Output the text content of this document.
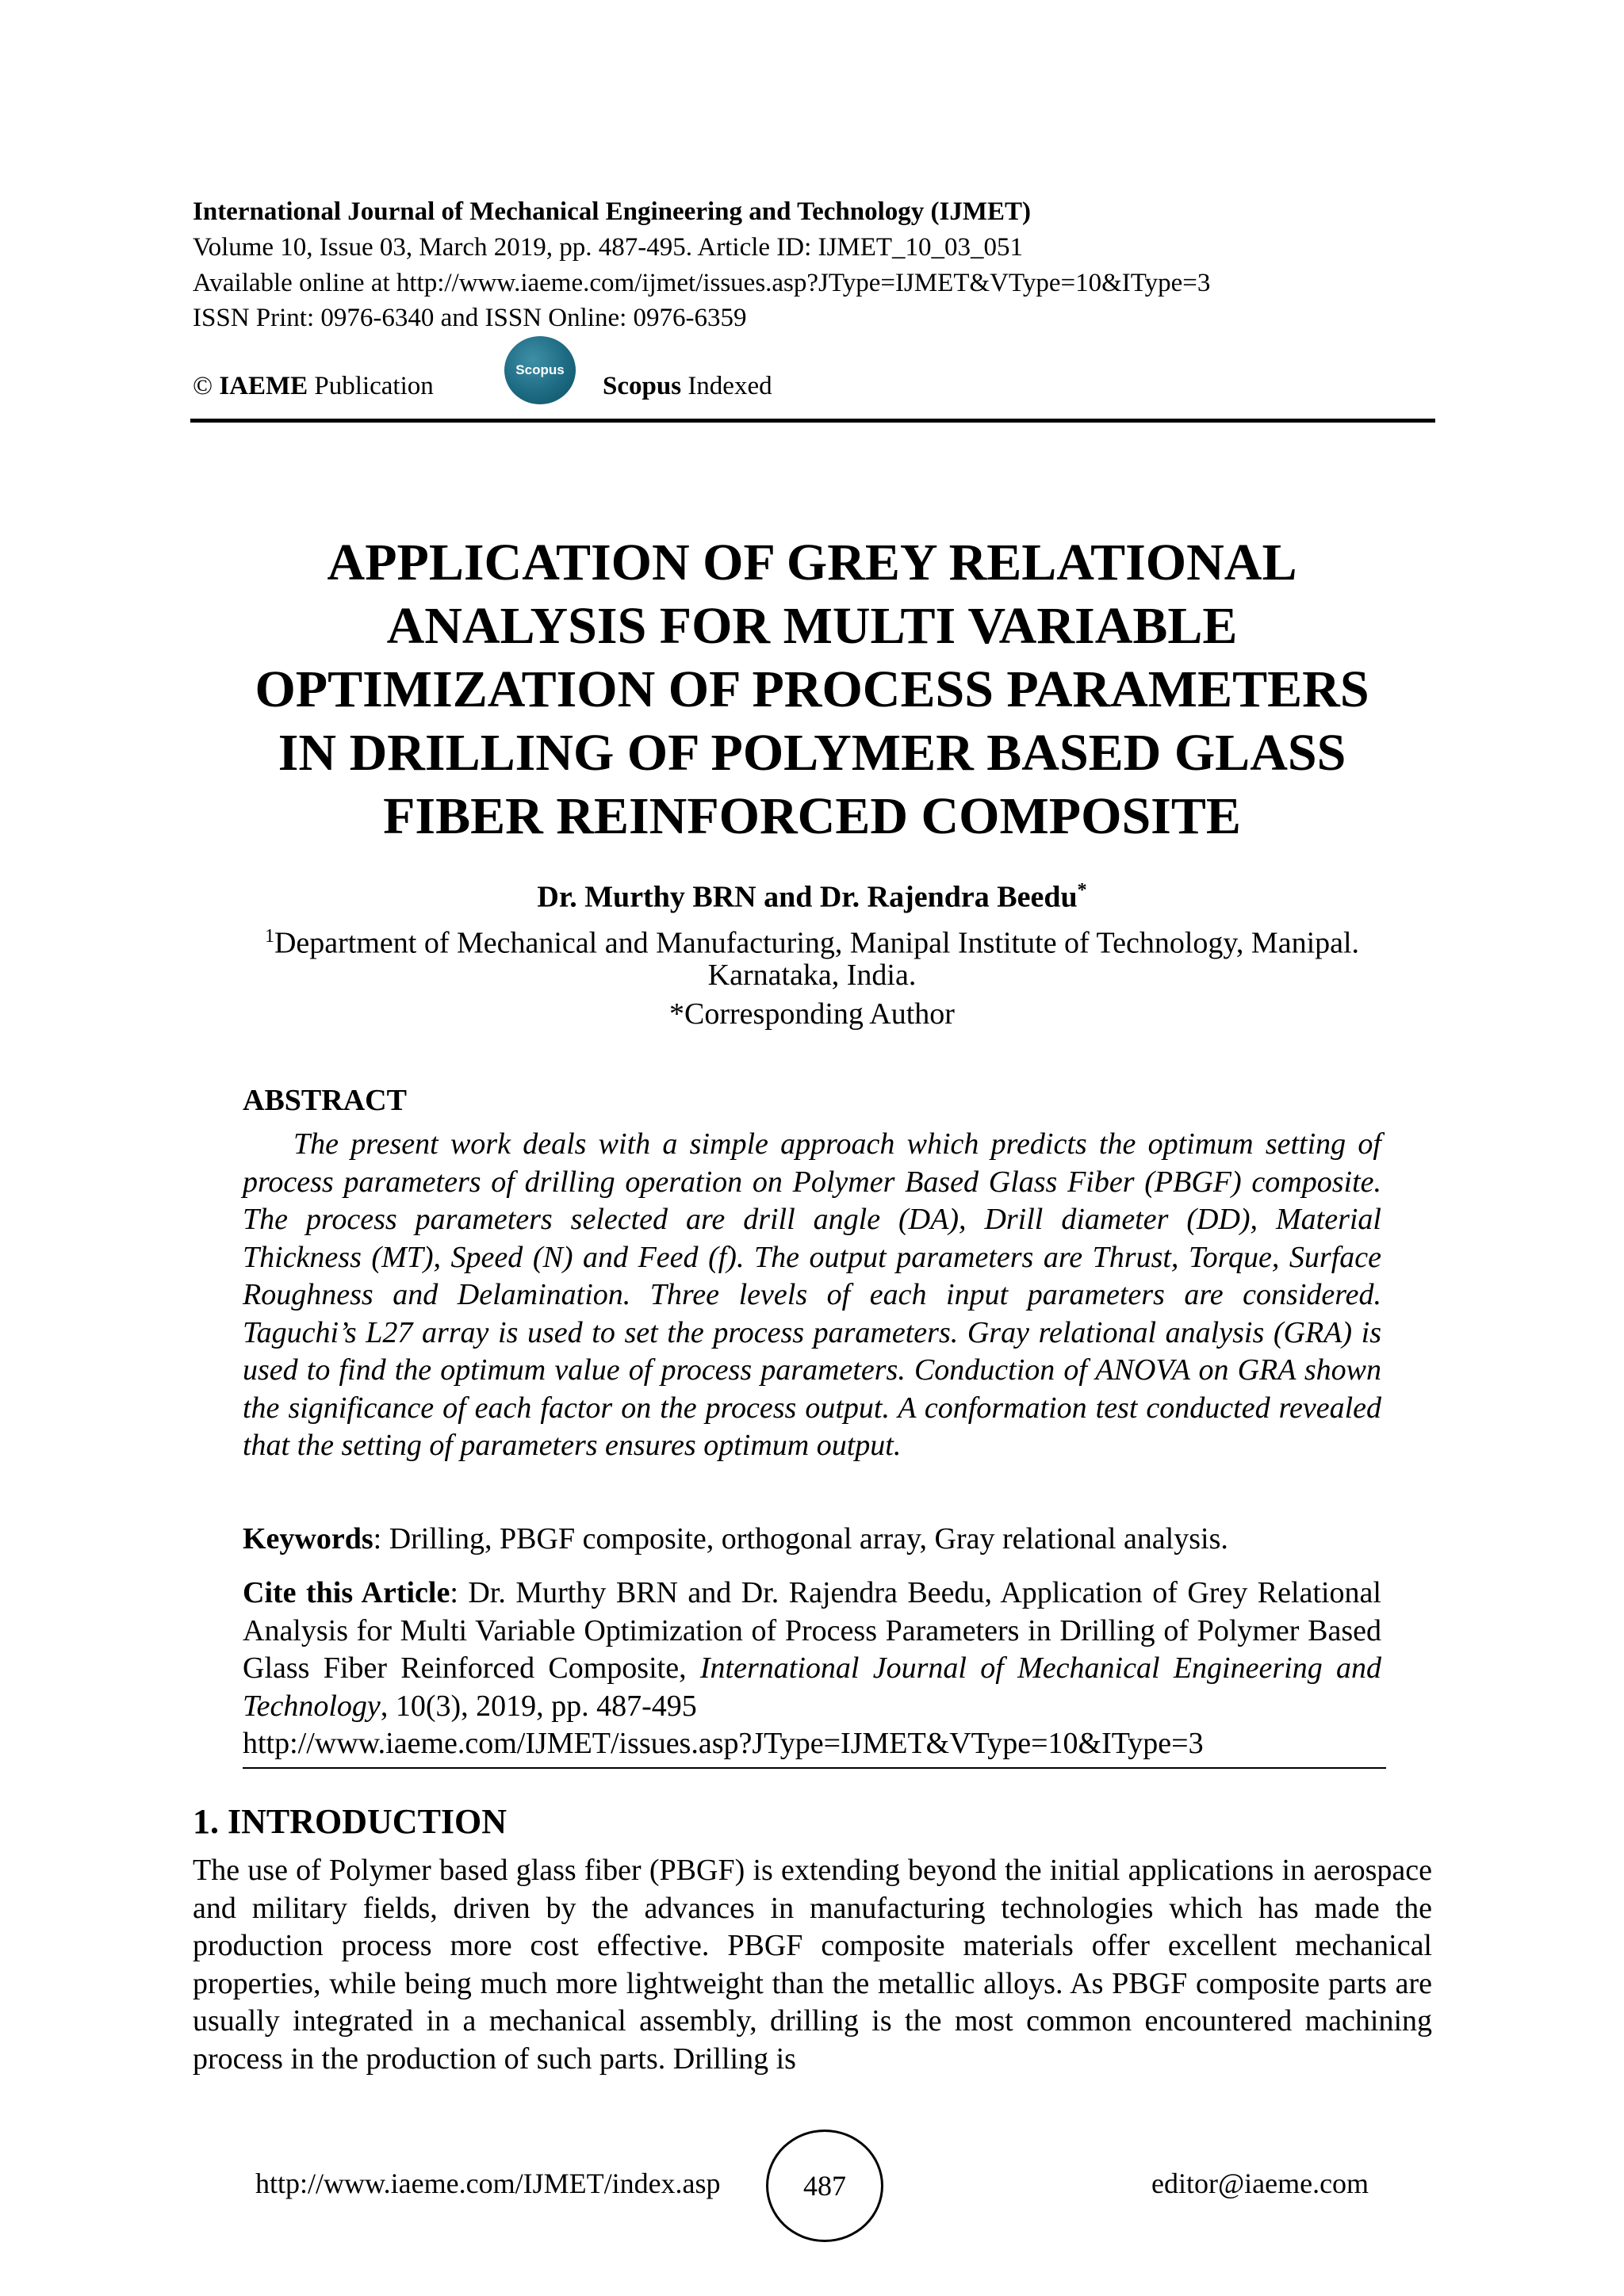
International Journal of Mechanical Engineering and Technology (IJMET)
Volume 10, Issue 03, March 2019, pp. 487-495. Article ID: IJMET_10_03_051
Available online at http://www.iaeme.com/ijmet/issues.asp?JType=IJMET&VType=10&IType=3
ISSN Print: 0976-6340 and ISSN Online: 0976-6359
© IAEME Publication
Scopus
Scopus Indexed
APPLICATION OF GREY RELATIONAL
ANALYSIS FOR MULTI VARIABLE
OPTIMIZATION OF PROCESS PARAMETERS
IN DRILLING OF POLYMER BASED GLASS
FIBER REINFORCED COMPOSITE
Dr. Murthy BRN and Dr. Rajendra Beedu*
$^1$Department of Mechanical and Manufacturing, Manipal Institute of Technology, Manipal.
Karnataka, India.
*Corresponding Author
ABSTRACT
The present work deals with a simple approach which predicts the optimum setting of process parameters of drilling operation on Polymer Based Glass Fiber (PBGF) composite. The process parameters selected are drill angle (DA), Drill diameter (DD), Material Thickness (MT), Speed (N) and Feed (f). The output parameters are Thrust, Torque, Surface Roughness and Delamination. Three levels of each input parameters are considered. Taguchi’s L27 array is used to set the process parameters. Gray relational analysis (GRA) is used to find the optimum value of process parameters. Conduction of ANOVA on GRA shown the significance of each factor on the process output. A conformation test conducted revealed that the setting of parameters ensures optimum output.
Keywords: Drilling, PBGF composite, orthogonal array, Gray relational analysis.
Cite this Article: Dr. Murthy BRN and Dr. Rajendra Beedu, Application of Grey Relational Analysis for Multi Variable Optimization of Process Parameters in Drilling of Polymer Based Glass Fiber Reinforced Composite, International Journal of Mechanical Engineering and Technology, 10(3), 2019, pp. 487-495
http://www.iaeme.com/IJMET/issues.asp?JType=IJMET&VType=10&IType=3
1. INTRODUCTION
The use of Polymer based glass fiber (PBGF) is extending beyond the initial applications in aerospace and military fields, driven by the advances in manufacturing technologies which has made the production process more cost effective. PBGF composite materials offer excellent mechanical properties, while being much more lightweight than the metallic alloys. As PBGF composite parts are usually integrated in a mechanical assembly, drilling is the most common encountered machining process in the production of such parts. Drilling is
http://www.iaeme.com/IJMET/index.asp	487	editor@iaeme.com
